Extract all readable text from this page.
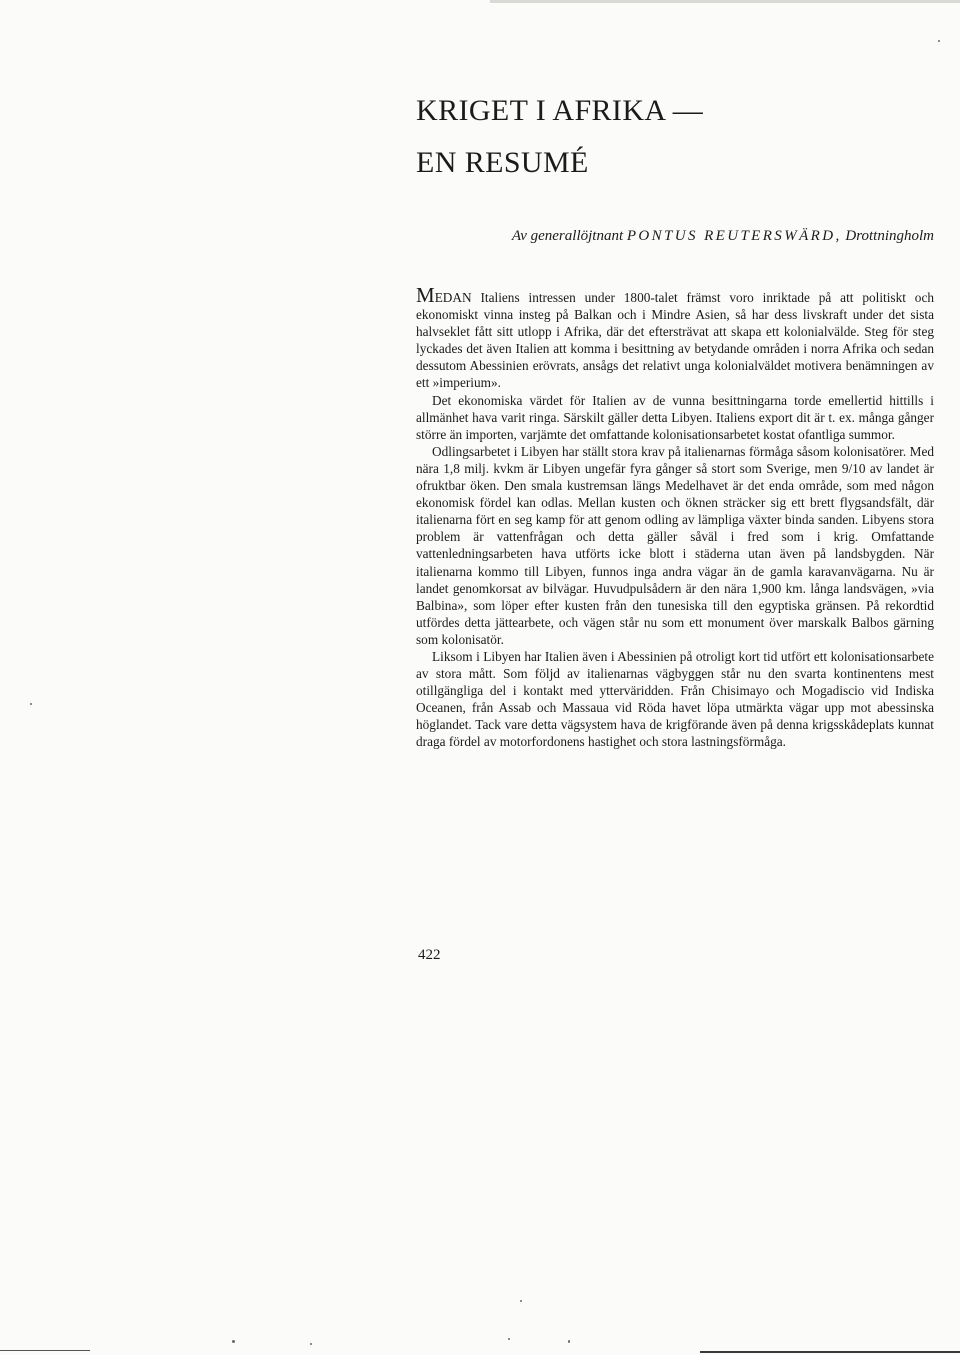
KRIGET I AFRIKA —
EN RESUMÉ
Av generallöjtnant PONTUS REUTERSWÄRD, Drottningholm

MEDAN Italiens intressen under 1800-talet främst voro inriktade på att politiskt och ekonomiskt vinna insteg på Balkan och i Mindre Asien, så har dess livskraft under det sista halvseklet fått sitt utlopp i Afrika, där det eftersträvat att skapa ett kolonialvälde. Steg för steg lyckades det även Italien att komma i besittning av betydande områden i norra Afrika och sedan dessutom Abessinien erövrats, ansågs det relativt unga kolonialväldet motivera benämningen av ett »imperium».

Det ekonomiska värdet för Italien av de vunna besittningarna torde emellertid hittills i allmänhet hava varit ringa. Särskilt gäller detta Libyen. Italiens export dit är t. ex. många gånger större än importen, varjämte det omfattande kolonisationsarbetet kostat ofantliga summor.

Odlingsarbetet i Libyen har ställt stora krav på italienarnas förmåga såsom kolonisatörer. Med nära 1,8 milj. kvkm är Libyen ungefär fyra gånger så stort som Sverige, men 9/10 av landet är ofruktbar öken. Den smala kustremsan längs Medelhavet är det enda område, som med någon ekonomisk fördel kan odlas. Mellan kusten och öknen sträcker sig ett brett flygsandsfält, där italienarna fört en seg kamp för att genom odling av lämpliga växter binda sanden. Libyens stora problem är vattenfrågan och detta gäller såväl i fred som i krig. Omfattande vattenledningsarbeten hava utförts icke blott i städerna utan även på landsbygden. När italienarna kommo till Libyen, funnos inga andra vägar än de gamla karavanvägarna. Nu är landet genomkorsat av bilvägar. Huvudpulsådern är den nära 1,900 km. långa landsvägen, »via Balbina», som löper efter kusten från den tunesiska till den egyptiska gränsen. På rekordtid utfördes detta jättearbete, och vägen står nu som ett monument över marskalk Balbos gärning som kolonisatör.

Liksom i Libyen har Italien även i Abessinien på otroligt kort tid utfört ett kolonisationsarbete av stora mått. Som följd av italienarnas vägbyggen står nu den svarta kontinentens mest otillgängliga del i kontakt med ytterväridden. Från Chisimayo och Mogadiscio vid Indiska Oceanen, från Assab och Massaua vid Röda havet löpa utmärkta vägar upp mot abessinska höglandet. Tack vare detta vägsystem hava de krigförande även på denna krigsskådeplats kunnat draga fördel av motorfordonens hastighet och stora lastningsförmåga.

422
